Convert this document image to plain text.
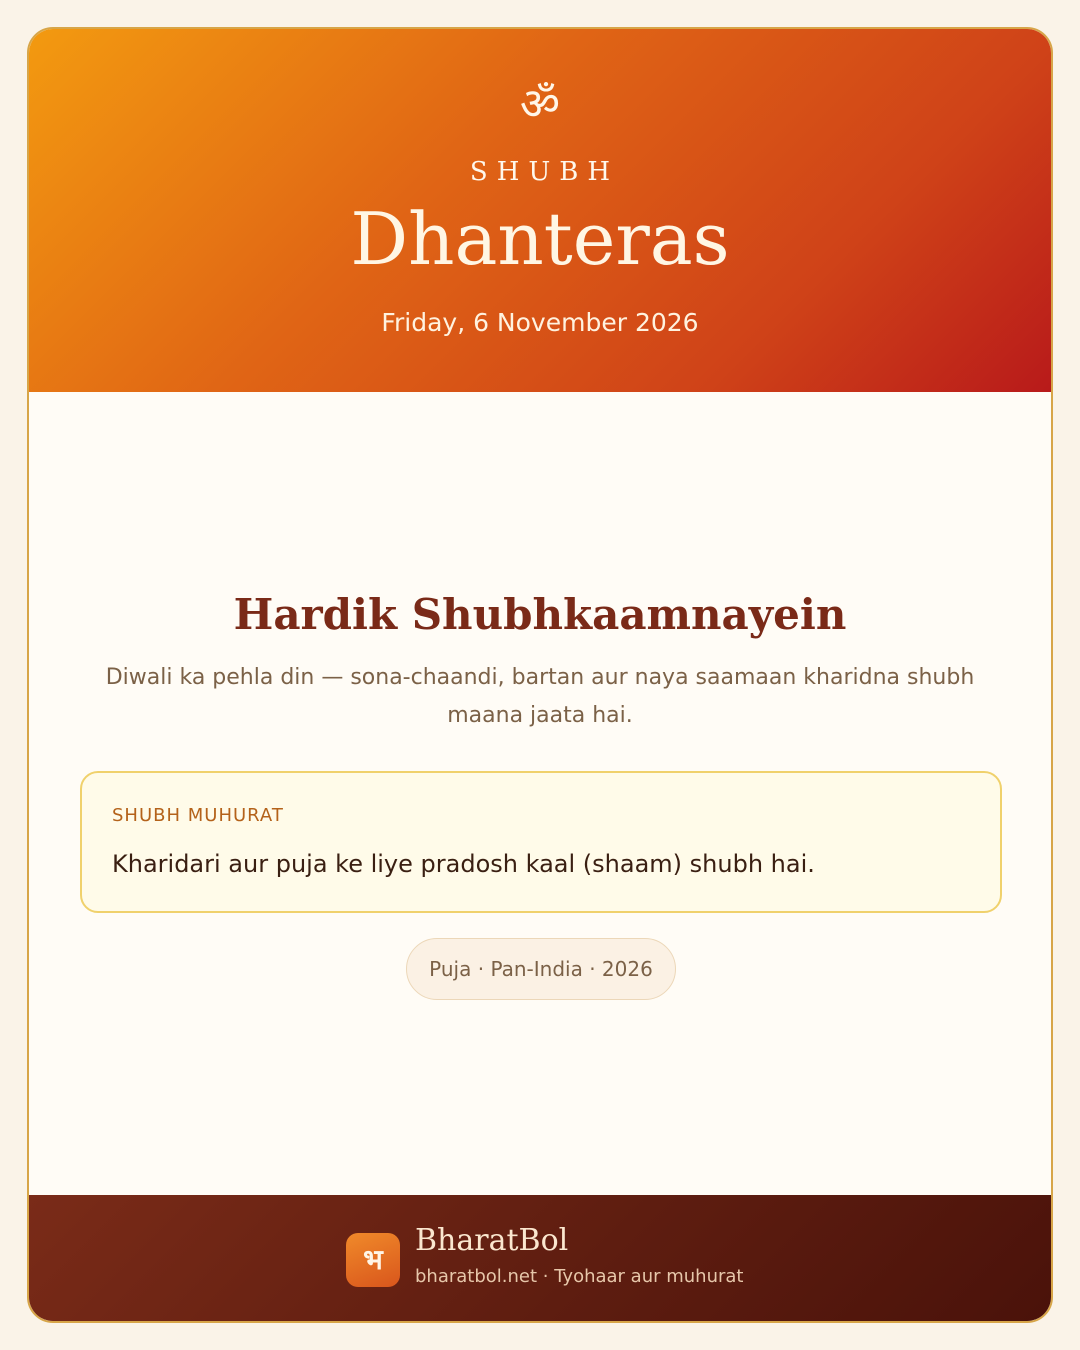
ॐ
SHUBH
Dhanteras
Friday, 6 November 2026
Hardik Shubhkaamnayein

Diwali ka pehla din — sona-chaandi, bartan aur naya saamaan kharidna shubh maana jaata hai.

SHUBH MUHURAT
Kharidari aur puja ke liye pradosh kaal (shaam) shubh hai.
Puja · Pan-India · 2026
भ
BharatBol
bharatbol.net · Tyohaar aur muhurat
